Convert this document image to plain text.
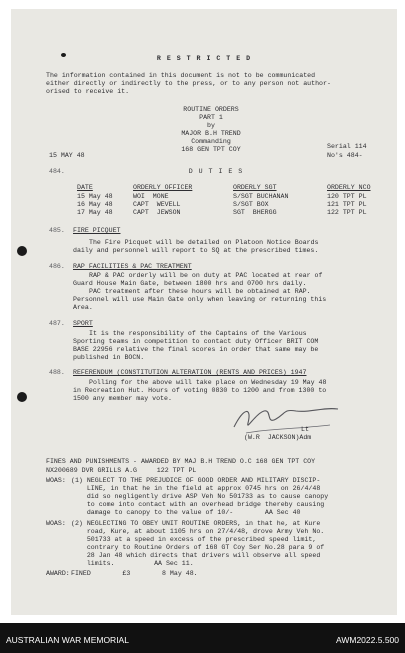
R E S T R I C T E D
The information contained in this document is not to be communicated
either directly or indirectly to the press, or to any person not author-
orised to receive it.
ROUTINE ORDERS
PART 1
by
MAJOR B.H TREND
Commanding
168 GEN TPT COY
15 MAY 48
Serial 114
No's 484-
484.	D U T I E S
DATE	ORDERLY OFFICER	ORDERLY SGT	ORDERLY NCO
15 May 48	WOI  MONE	S/SGT BUCHANAN	120 TPT PL
16 May 48	CAPT  WEVELL	S/SGT BOX	121 TPT PL
17 May 48	CAPT  JEWSON	SGT  BHERGG	122 TPT PL
485. FIRE PICQUET
The Fire Picquet will be detailed on Platoon Notice Boards
daily and personnel will report to SQ at the prescribed times.
486. RAP FACILITIES & PAC TREATMENT
RAP & PAC orderly will be on duty at PAC located at rear of
Guard House Main Gate, between 1800 hrs and 0700 hrs daily.
PAC treatment after these hours will be obtained at RAP.
Personnel will use Main Gate only when leaving or returning this
Area.
487. SPORT
It is the responsibility of the Captains of the Various
Sporting teams in competition to contact duty Officer BRIT COM
BASE 22956 relative the final scores in order that same may be
published in BOCN.
488. REFERENDUM (CONSTITUTION ALTERATION (RENTS AND PRICES) 1947
Polling for the above will take place on Wednesday 19 May 48
in Recreation Hut. Hours of voting 0830 to 1200 and from 1300 to
1500 any member may vote.
Lt
(W.R  JACKSON)Adm
FINES AND PUNISHMENTS - AWARDED BY MAJ B.H TREND O.C 168 GEN TPT COY
NX200689 DVR GRILLS A.G     122 TPT PL
WOAS: (1) NEGLECT TO THE PREJUDICE OF GOOD ORDER AND MILITARY DISCIP-
LINE, in that he in the field at approx 0745 hrs on 26/4/48
did so negligently drive ASP Veh No 501733 as to cause canopy
to come into contact with an overhead bridge thereby causing
damage to canopy to the value of 10/-        AA Sec 40
WOAS: (2) NEGLECTING TO OBEY UNIT ROUTINE ORDERS, in that he, at Kure
road, Kure, at about 1105 hrs on 27/4/48, drove Army Veh No.
501733 at a speed in excess of the prescribed speed limit,
contrary to Routine Orders of 168 GT Coy Ser No.28 para 9 of
28 Jan 48 which directs that drivers will observe all speed
limits.          AA Sec 11.
AWARD: FINED        £3        8 May 48.
AUSTRALIAN WAR MEMORIAL	AWM2022.5.500
